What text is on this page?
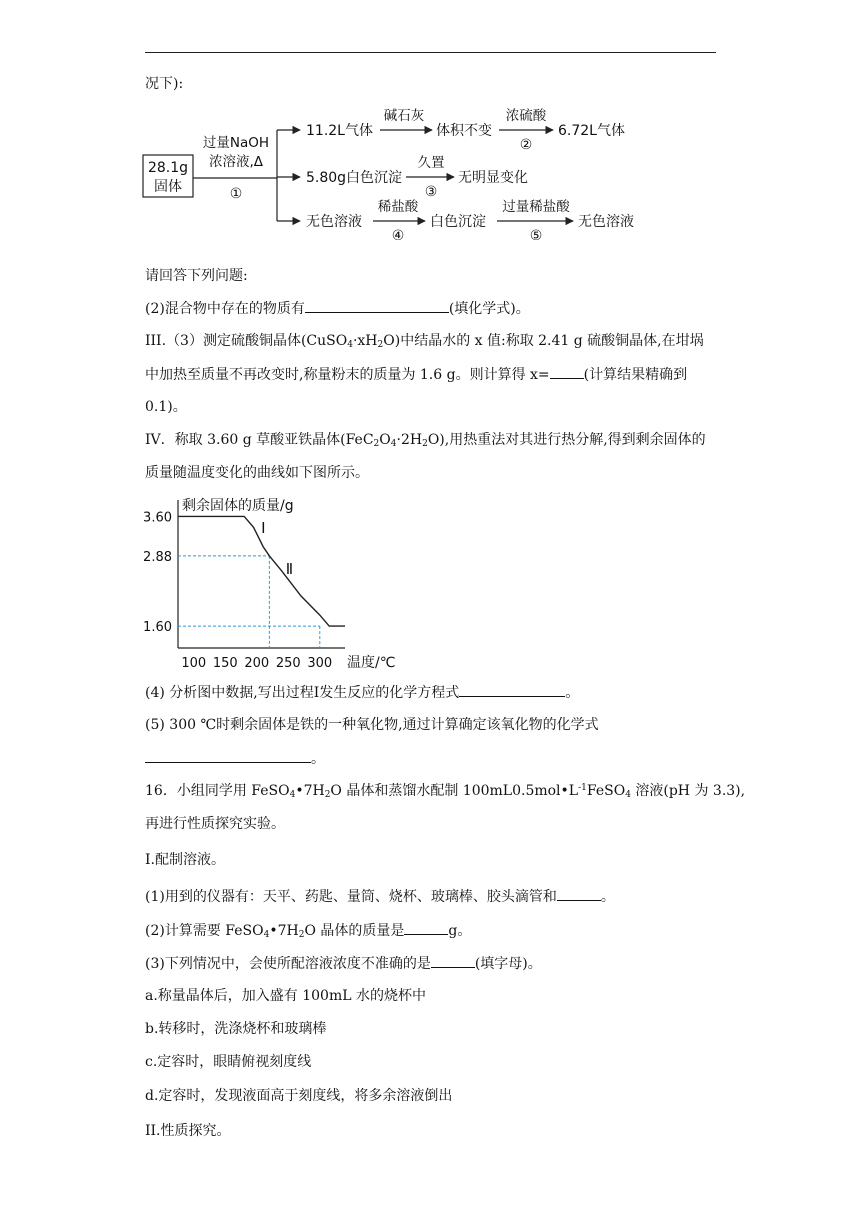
况下):
28.1g
固体
过量NaOH
浓溶液,Δ
①
11.2L气体
碱石灰
体积不变
浓硫酸
②
6.72L气体
5.80g白色沉淀
久置
③
无明显变化
无色溶液
稀盐酸
④
白色沉淀
过量稀盐酸
⑤
无色溶液
请回答下列问题:
(2)混合物中存在的物质有	(填化学式)。
III.（3）测定硫酸铜晶体$(CuSO_4\cdot xH_2O)$中结晶水的 x 值:称取 2.41 g 硫酸铜晶体,在坩埚
中加热至质量不再改变时,称量粉末的质量为 1.6 g。则计算得 x= (计算结果精确到
0.1)。
IV．称取 3.60 g 草酸亚铁晶体$(FeC_2O_4\cdot 2H_2O)$,用热重法对其进行热分解,得到剩余固体的
质量随温度变化的曲线如下图所示。
剩余固体的质量/g
温度/℃
100 150 200 250 300
3.60
2.88
1.60
Ⅰ
Ⅱ
(4) 分析图中数据,写出过程Ⅰ发生反应的化学方程式	。
(5) 300 ℃时剩余固体是铁的一种氧化物,通过计算确定该氧化物的化学式
。
16．小组同学用 $FeSO_4•7H_2O$ 晶体和蒸馏水配制 $100mL0.5mol•L^{-1}FeSO_4$ 溶液(pH 为 3.3),
再进行性质探究实验。
I.配制溶液。
(1)用到的仪器有：天平、药匙、量筒、烧杯、玻璃棒、胶头滴管和	。
(2)计算需要 $FeSO_4•7H_2O$ 晶体的质量是	g。
(3)下列情况中，会使所配溶液浓度不准确的是	(填字母)。
a.称量晶体后，加入盛有 100mL 水的烧杯中
b.转移时，洗涤烧杯和玻璃棒
c.定容时，眼睛俯视刻度线
d.定容时，发现液面高于刻度线，将多余溶液倒出
II.性质探究。
